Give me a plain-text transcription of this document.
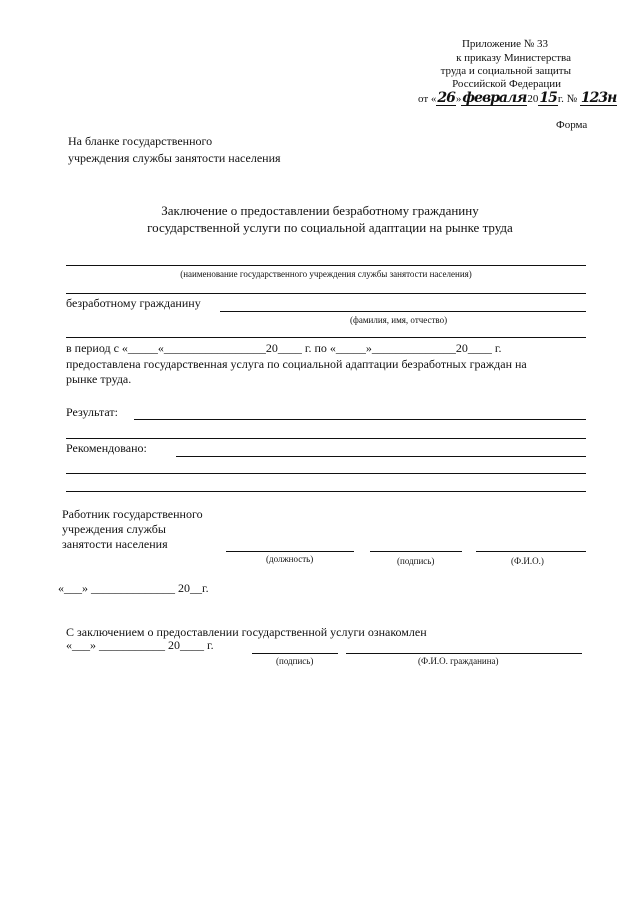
Приложение № 33
к приказу Министерства
труда и социальной защиты
Российской Федерации
от «26»февраля2015г. № 123н
Форма
На бланке государственного
учреждения службы занятости населения
Заключение о предоставлении безработному гражданину
государственной услуги по социальной адаптации на рынке труда
(наименование государственного учреждения службы занятости населения)
безработному гражданину
(фамилия, имя, отчество)
в период с «_____«_________________20____ г. по «_____»______________20____ г.
предоставлена государственная услуга по социальной адаптации безработных граждан на
рынке труда.
Результат:
Рекомендовано:
Работник государственного
учреждения службы
занятости населения
(должность)	(подпись)	(Ф.И.О.)
«___» ______________ 20__г.
С заключением о предоставлении государственной услуги ознакомлен
«___» ___________ 20____ г.
(подпись)	(Ф.И.О. гражданина)
